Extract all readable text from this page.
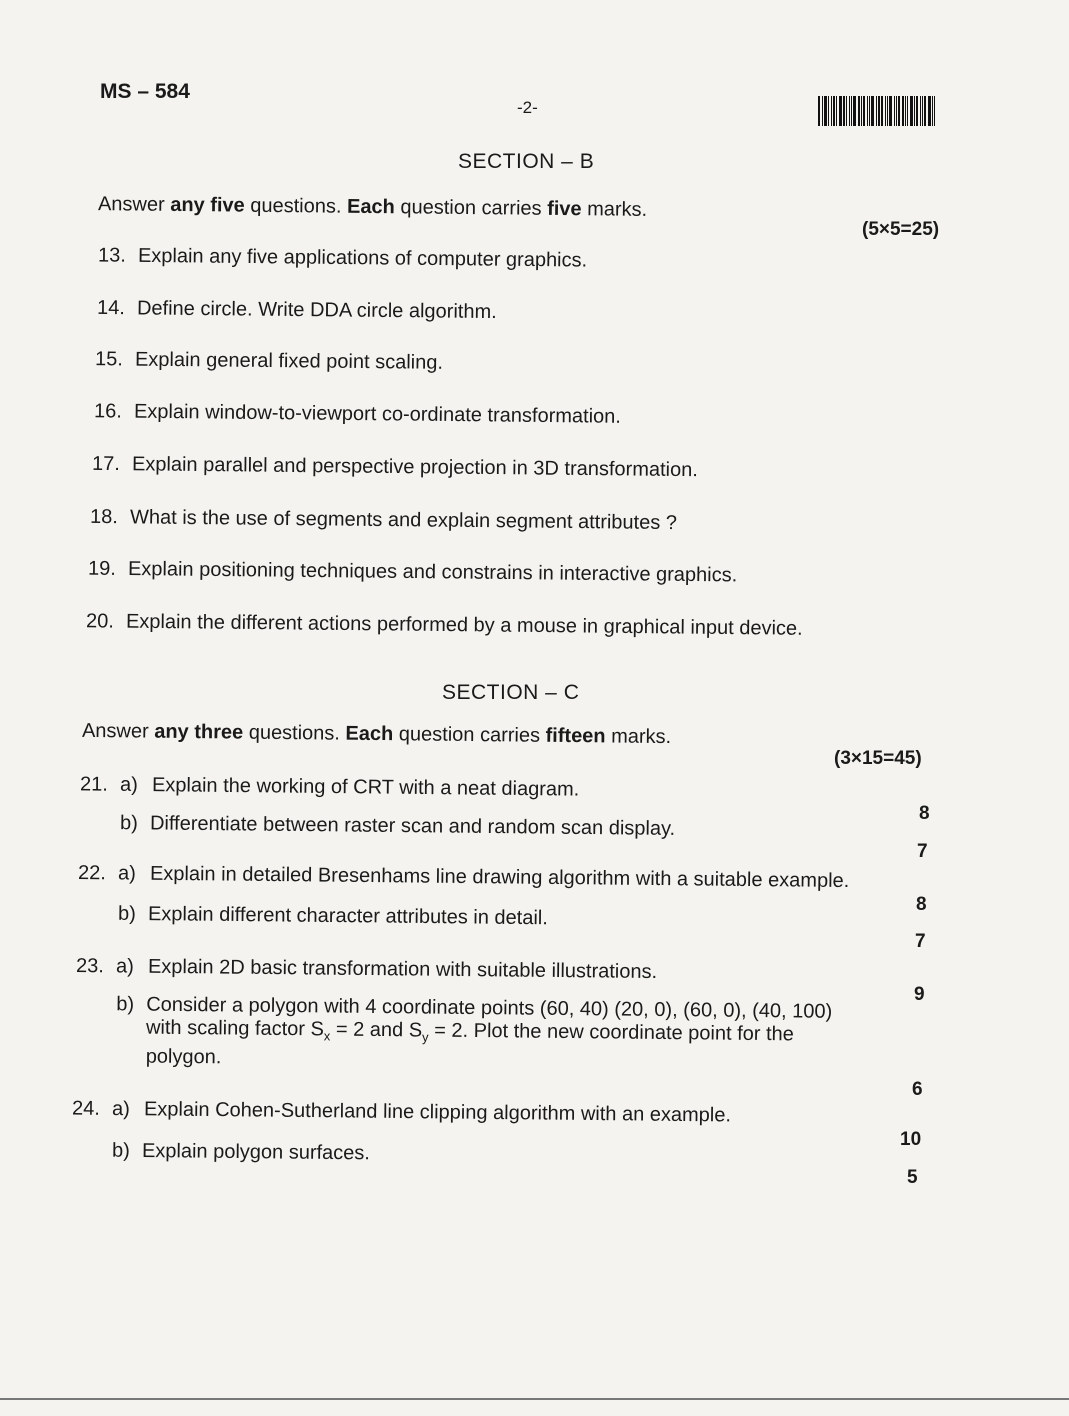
MS – 584
-2-
SECTION – B
Answer any five questions. Each question carries five marks.
(5×5=25)
13. Explain any five applications of computer graphics.
14. Define circle. Write DDA circle algorithm.
15. Explain general fixed point scaling.
16. Explain window-to-viewport co-ordinate transformation.
17. Explain parallel and perspective projection in 3D transformation.
18. What is the use of segments and explain segment attributes ?
19. Explain positioning techniques and constrains in interactive graphics.
20. Explain the different actions performed by a mouse in graphical input device.
SECTION – C
Answer any three questions. Each question carries fifteen marks.
(3×15=45)
21. a) Explain the working of CRT with a neat diagram.
8
b) Differentiate between raster scan and random scan display.
7
22. a) Explain in detailed Bresenhams line drawing algorithm with a suitable example.
8
b) Explain different character attributes in detail.
7
23. a) Explain 2D basic transformation with suitable illustrations.
9
b) Consider a polygon with 4 coordinate points (60, 40) (20, 0), (60, 0), (40, 100)
with scaling factor $S_x = 2$ and $S_y = 2$. Plot the new coordinate point for the
polygon.
6
24. a) Explain Cohen-Sutherland line clipping algorithm with an example.
10
b) Explain polygon surfaces.
5
